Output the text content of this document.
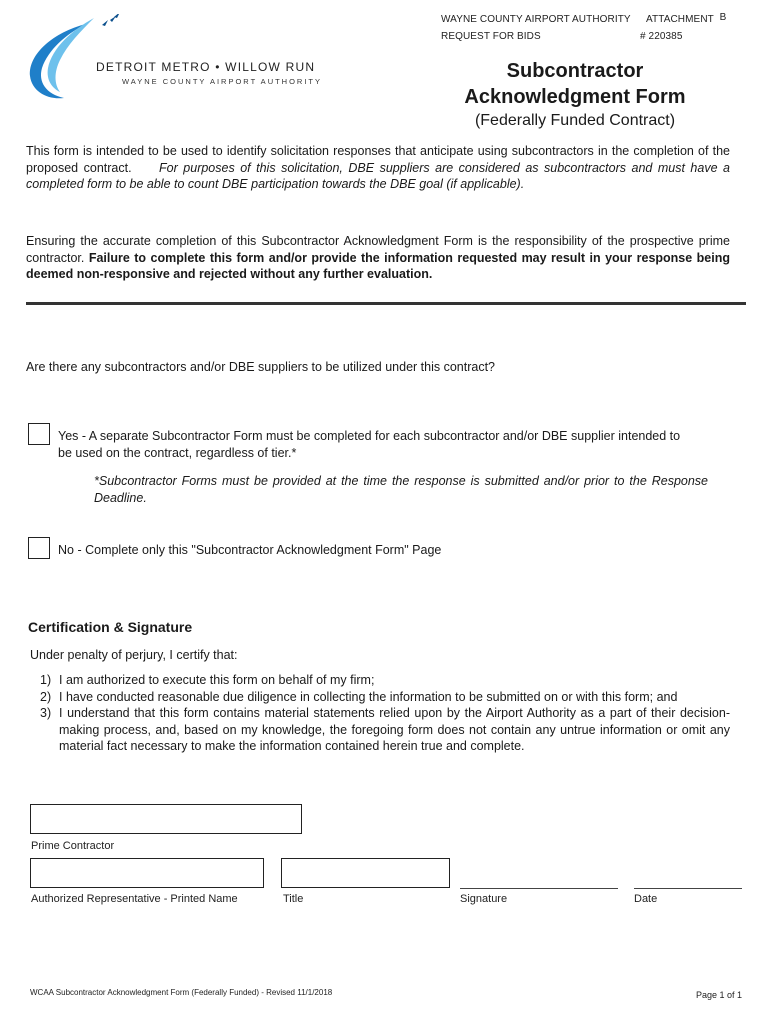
DETROIT METRO • WILLOW RUN
WAYNE COUNTY AIRPORT AUTHORITY
WAYNE COUNTY AIRPORT AUTHORITY
REQUEST FOR BIDS
ATTACHMENT B
# 220385
Subcontractor
Acknowledgment Form
(Federally Funded Contract)
This form is intended to be used to identify solicitation responses that anticipate using subcontractors in the completion of the proposed contract. For purposes of this solicitation, DBE suppliers are considered as subcontractors and must have a completed form to be able to count DBE participation towards the DBE goal (if applicable).
Ensuring the accurate completion of this Subcontractor Acknowledgment Form is the responsibility of the prospective prime contractor. Failure to complete this form and/or provide the information requested may result in your response being deemed non-responsive and rejected without any further evaluation.
Are there any subcontractors and/or DBE suppliers to be utilized under this contract?
Yes - A separate Subcontractor Form must be completed for each subcontractor and/or DBE supplier intended to be used on the contract, regardless of tier.*
*Subcontractor Forms must be provided at the time the response is submitted and/or prior to the Response Deadline.
No - Complete only this "Subcontractor Acknowledgment Form" Page
Certification & Signature
Under penalty of perjury, I certify that:
1) I am authorized to execute this form on behalf of my firm;
2) I have conducted reasonable due diligence in collecting the information to be submitted on or with this form; and
3) I understand that this form contains material statements relied upon by the Airport Authority as a part of their decision-making process, and, based on my knowledge, the foregoing form does not contain any untrue information or omit any material fact necessary to make the information contained herein true and complete.
Prime Contractor
Authorized Representative - Printed Name	Title	Signature	Date
WCAA Subcontractor Acknowledgment Form (Federally Funded) - Revised 11/1/2018	Page 1 of 1
